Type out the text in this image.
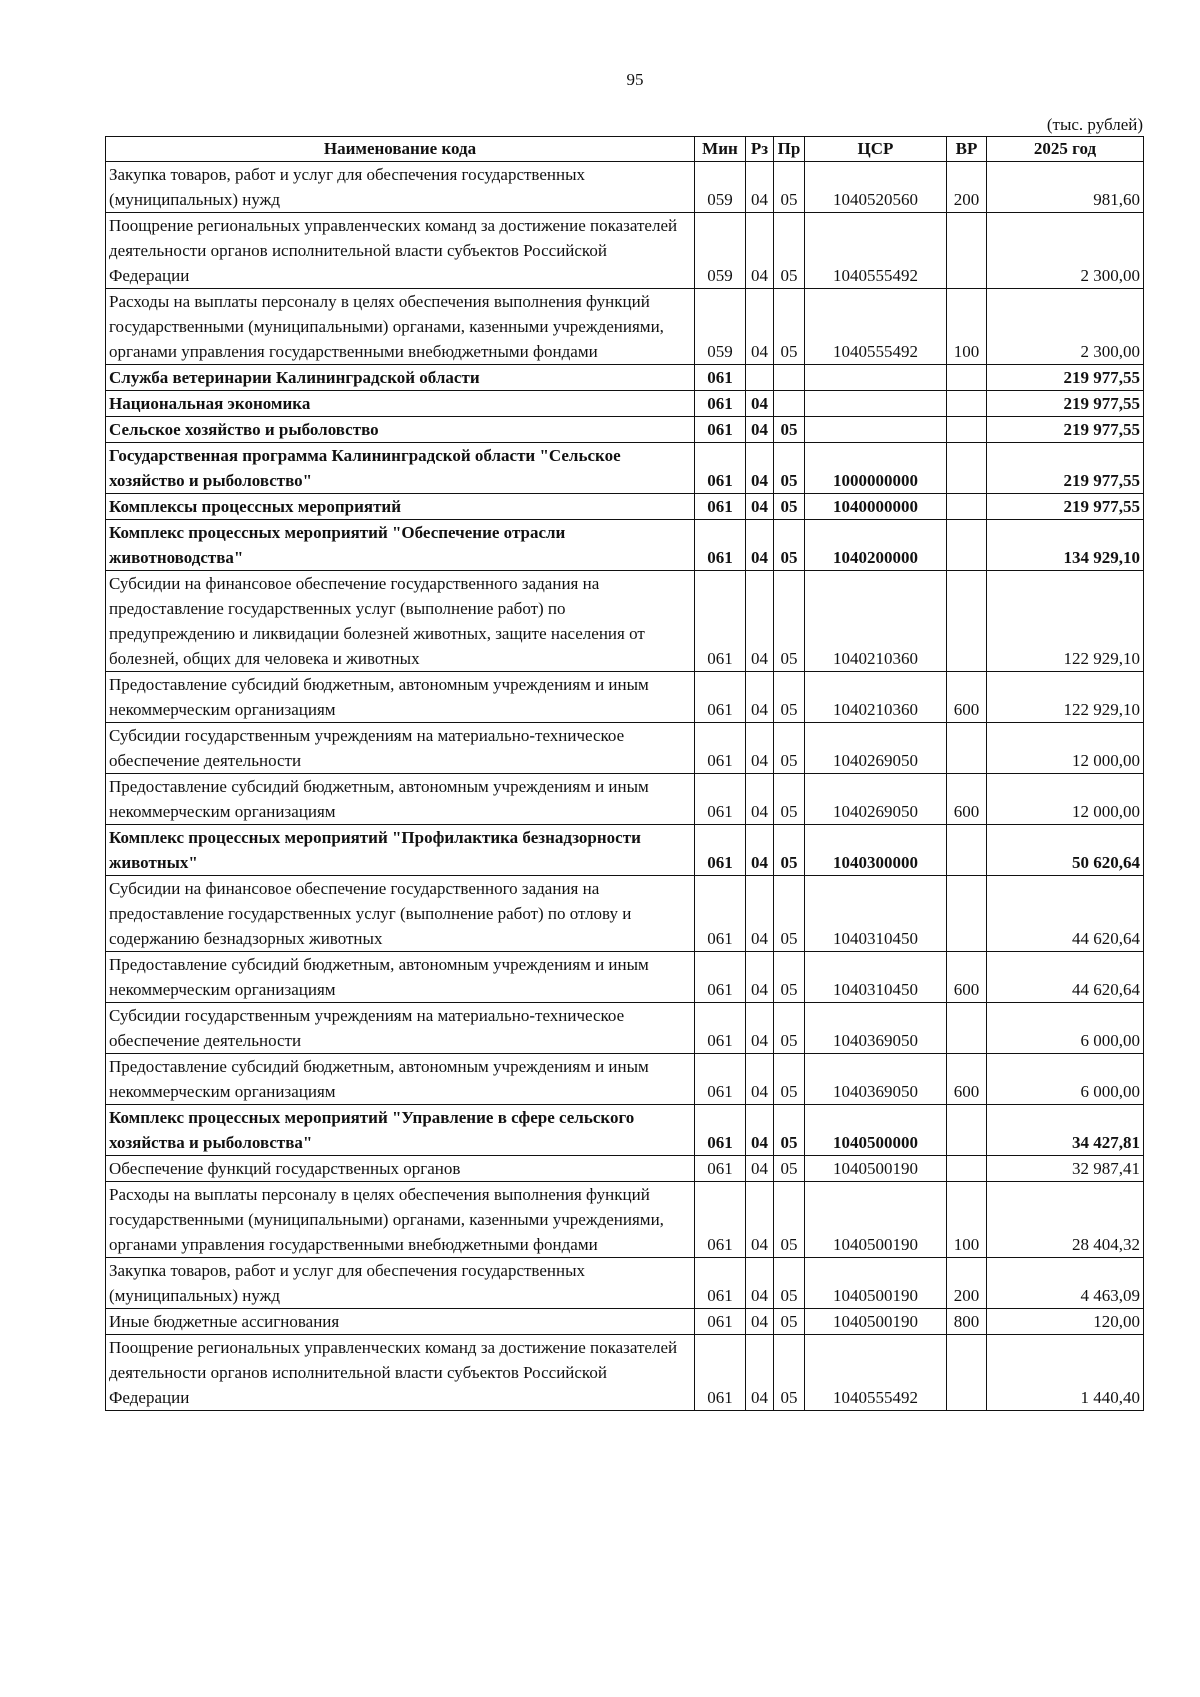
95
(тыс. рублей)
Наименование кода	Мин	Рз	Пр	ЦСР	ВР	2025 год
Закупка товаров, работ и услуг для обеспечения государственных (муниципальных) нужд	059	04	05	1040520560	200	981,60
Поощрение региональных управленческих команд за достижение показателей деятельности органов исполнительной власти субъектов Российской Федерации	059	04	05	1040555492		2 300,00
Расходы на выплаты персоналу в целях обеспечения выполнения функций государственными (муниципальными) органами, казенными учреждениями, органами управления государственными внебюджетными фондами	059	04	05	1040555492	100	2 300,00
Служба ветеринарии Калининградской области	061					219 977,55
Национальная экономика	061	04				219 977,55
Сельское хозяйство и рыболовство	061	04	05			219 977,55
Государственная программа Калининградской области "Сельское хозяйство и рыболовство"	061	04	05	1000000000		219 977,55
Комплексы процессных мероприятий	061	04	05	1040000000		219 977,55
Комплекс процессных мероприятий "Обеспечение отрасли животноводства"	061	04	05	1040200000		134 929,10
Субсидии на финансовое обеспечение государственного задания на предоставление государственных услуг (выполнение работ) по предупреждению и ликвидации болезней животных, защите населения от болезней, общих для человека и животных	061	04	05	1040210360		122 929,10
Предоставление субсидий бюджетным, автономным учреждениям и иным некоммерческим организациям	061	04	05	1040210360	600	122 929,10
Субсидии государственным учреждениям на материально-техническое обеспечение деятельности	061	04	05	1040269050		12 000,00
Предоставление субсидий бюджетным, автономным учреждениям и иным некоммерческим организациям	061	04	05	1040269050	600	12 000,00
Комплекс процессных мероприятий "Профилактика безнадзорности животных"	061	04	05	1040300000		50 620,64
Субсидии на финансовое обеспечение государственного задания на предоставление государственных услуг (выполнение работ) по отлову и содержанию безнадзорных животных	061	04	05	1040310450		44 620,64
Предоставление субсидий бюджетным, автономным учреждениям и иным некоммерческим организациям	061	04	05	1040310450	600	44 620,64
Субсидии государственным учреждениям на материально-техническое обеспечение деятельности	061	04	05	1040369050		6 000,00
Предоставление субсидий бюджетным, автономным учреждениям и иным некоммерческим организациям	061	04	05	1040369050	600	6 000,00
Комплекс процессных мероприятий "Управление в сфере сельского хозяйства и рыболовства"	061	04	05	1040500000		34 427,81
Обеспечение функций государственных органов	061	04	05	1040500190		32 987,41
Расходы на выплаты персоналу в целях обеспечения выполнения функций государственными (муниципальными) органами, казенными учреждениями, органами управления государственными внебюджетными фондами	061	04	05	1040500190	100	28 404,32
Закупка товаров, работ и услуг для обеспечения государственных (муниципальных) нужд	061	04	05	1040500190	200	4 463,09
Иные бюджетные ассигнования	061	04	05	1040500190	800	120,00
Поощрение региональных управленческих команд за достижение показателей деятельности органов исполнительной власти субъектов Российской Федерации	061	04	05	1040555492		1 440,40
